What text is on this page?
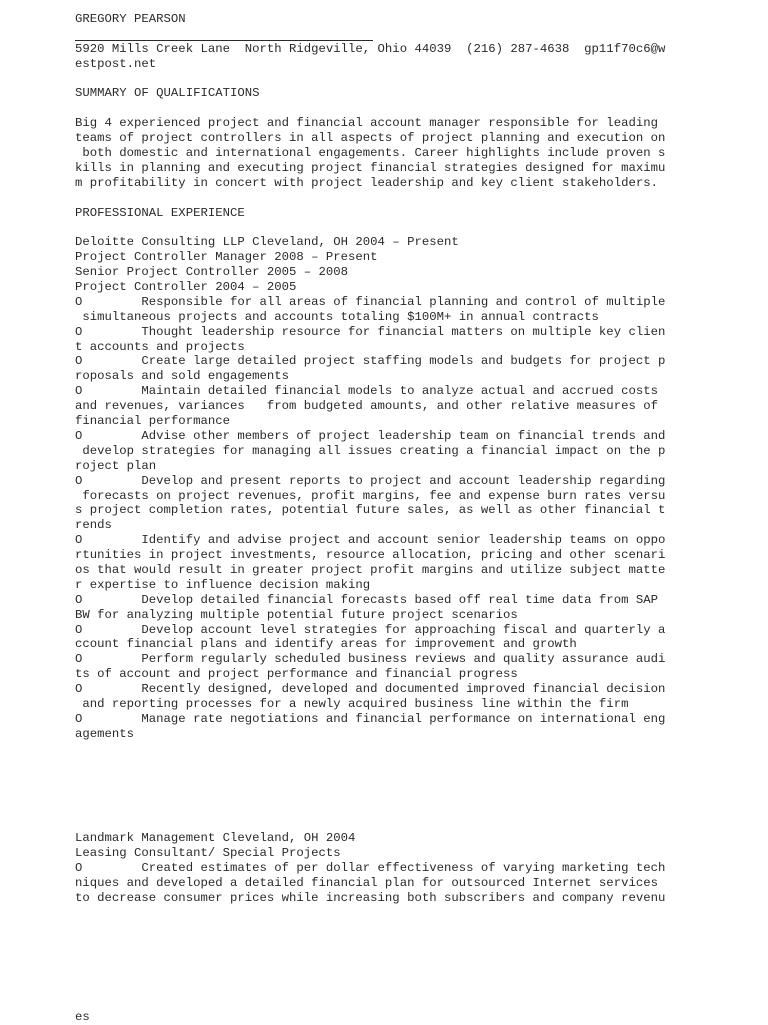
GREGORY PEARSON
5920 Mills Creek Lane  North Ridgeville, Ohio 44039  (216) 287-4638  gp11f70c6@w
estpost.net
SUMMARY OF QUALIFICATIONS
Big 4 experienced project and financial account manager responsible for leading
teams of project controllers in all aspects of project planning and execution on
both domestic and international engagements. Career highlights include proven s
kills in planning and executing project financial strategies designed for maximu
m profitability in concert with project leadership and key client stakeholders.
PROFESSIONAL EXPERIENCE
Deloitte Consulting LLP Cleveland, OH 2004 – Present
Project Controller Manager 2008 – Present
Senior Project Controller 2005 – 2008
Project Controller 2004 – 2005
O        Responsible for all areas of financial planning and control of multiple
simultaneous projects and accounts totaling $100M+ in annual contracts
O        Thought leadership resource for financial matters on multiple key clien
t accounts and projects
O        Create large detailed project staffing models and budgets for project p
roposals and sold engagements
O        Maintain detailed financial models to analyze actual and accrued costs
and revenues, variances   from budgeted amounts, and other relative measures of
financial performance
O        Advise other members of project leadership team on financial trends and
develop strategies for managing all issues creating a financial impact on the p
roject plan
O        Develop and present reports to project and account leadership regarding
forecasts on project revenues, profit margins, fee and expense burn rates versu
s project completion rates, potential future sales, as well as other financial t
rends
O        Identify and advise project and account senior leadership teams on oppo
rtunities in project investments, resource allocation, pricing and other scenari
os that would result in greater project profit margins and utilize subject matte
r expertise to influence decision making
O        Develop detailed financial forecasts based off real time data from SAP
BW for analyzing multiple potential future project scenarios
O        Develop account level strategies for approaching fiscal and quarterly a
ccount financial plans and identify areas for improvement and growth
O        Perform regularly scheduled business reviews and quality assurance audi
ts of account and project performance and financial progress
O        Recently designed, developed and documented improved financial decision
and reporting processes for a newly acquired business line within the firm
O        Manage rate negotiations and financial performance on international eng
agements
Landmark Management Cleveland, OH 2004
Leasing Consultant/ Special Projects
O        Created estimates of per dollar effectiveness of varying marketing tech
niques and developed a detailed financial plan for outsourced Internet services
to decrease consumer prices while increasing both subscribers and company revenu
es
